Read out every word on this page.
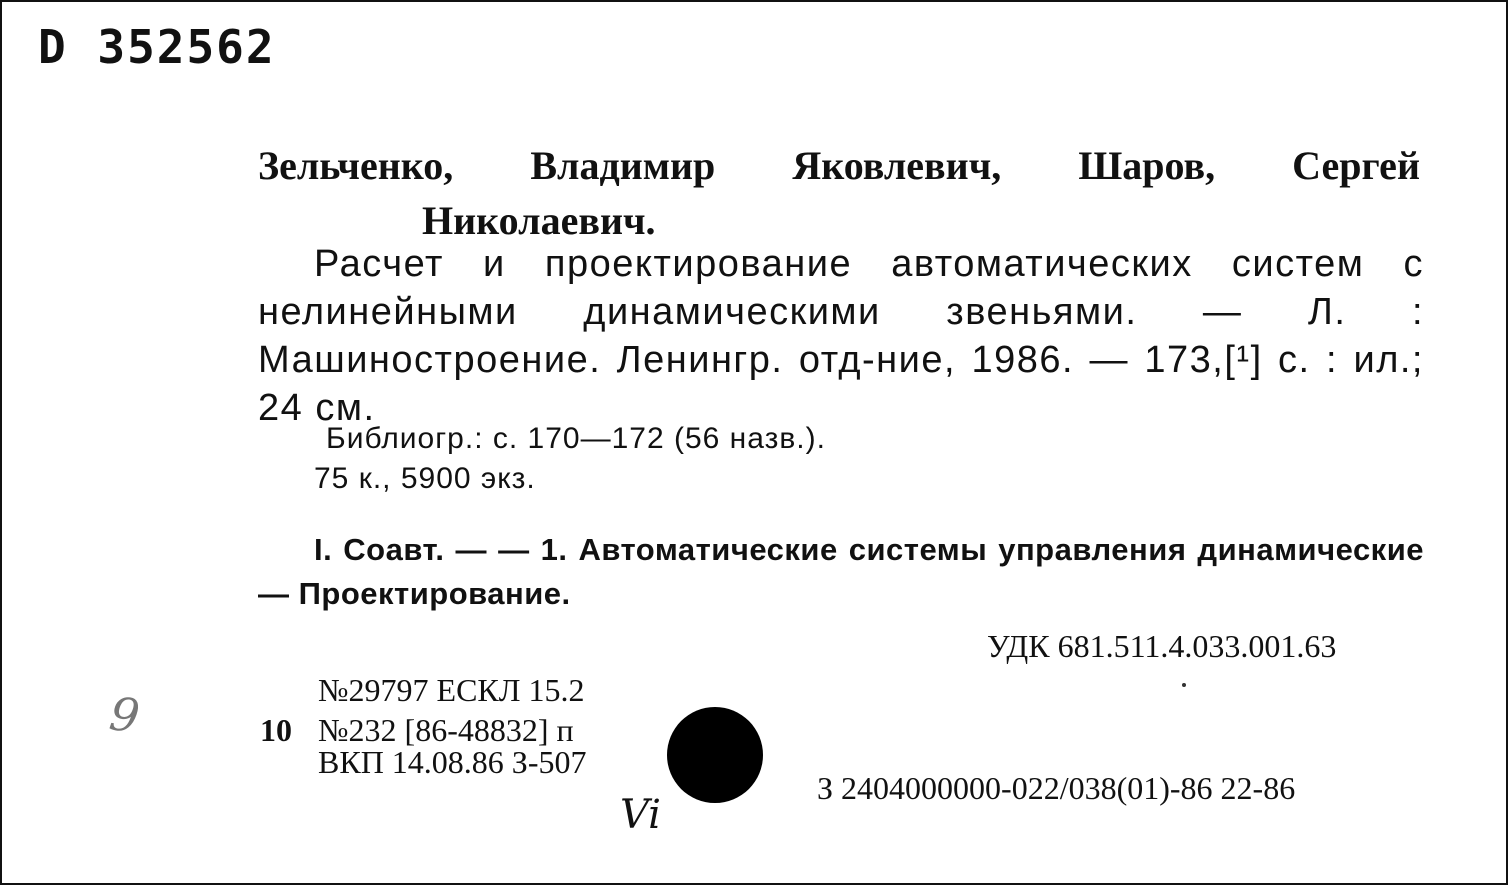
D 352562
Зельченко, Владимир Яковлевич, Шаров, Сергей
Николаевич.
Расчет и проектирование автоматических систем с нелинейными динамическими звеньями. — Л. : Машиностроение. Ленингр. отд-ние, 1986. — 173,[¹] с. : ил.; 24 см.
Библиогр.: с. 170—172 (56 назв.).
75 к., 5900 экз.
I. Соавт. — — 1. Автоматические системы управления динамические — Проектирование.
УДК 681.511.4.033.001.63
№29797 ЕСКЛ 15.2
10 №232 [86-48832] п
ВКП 14.08.86 З-507
З 2404000000-022/038(01)-86 22-86
9
Vi
